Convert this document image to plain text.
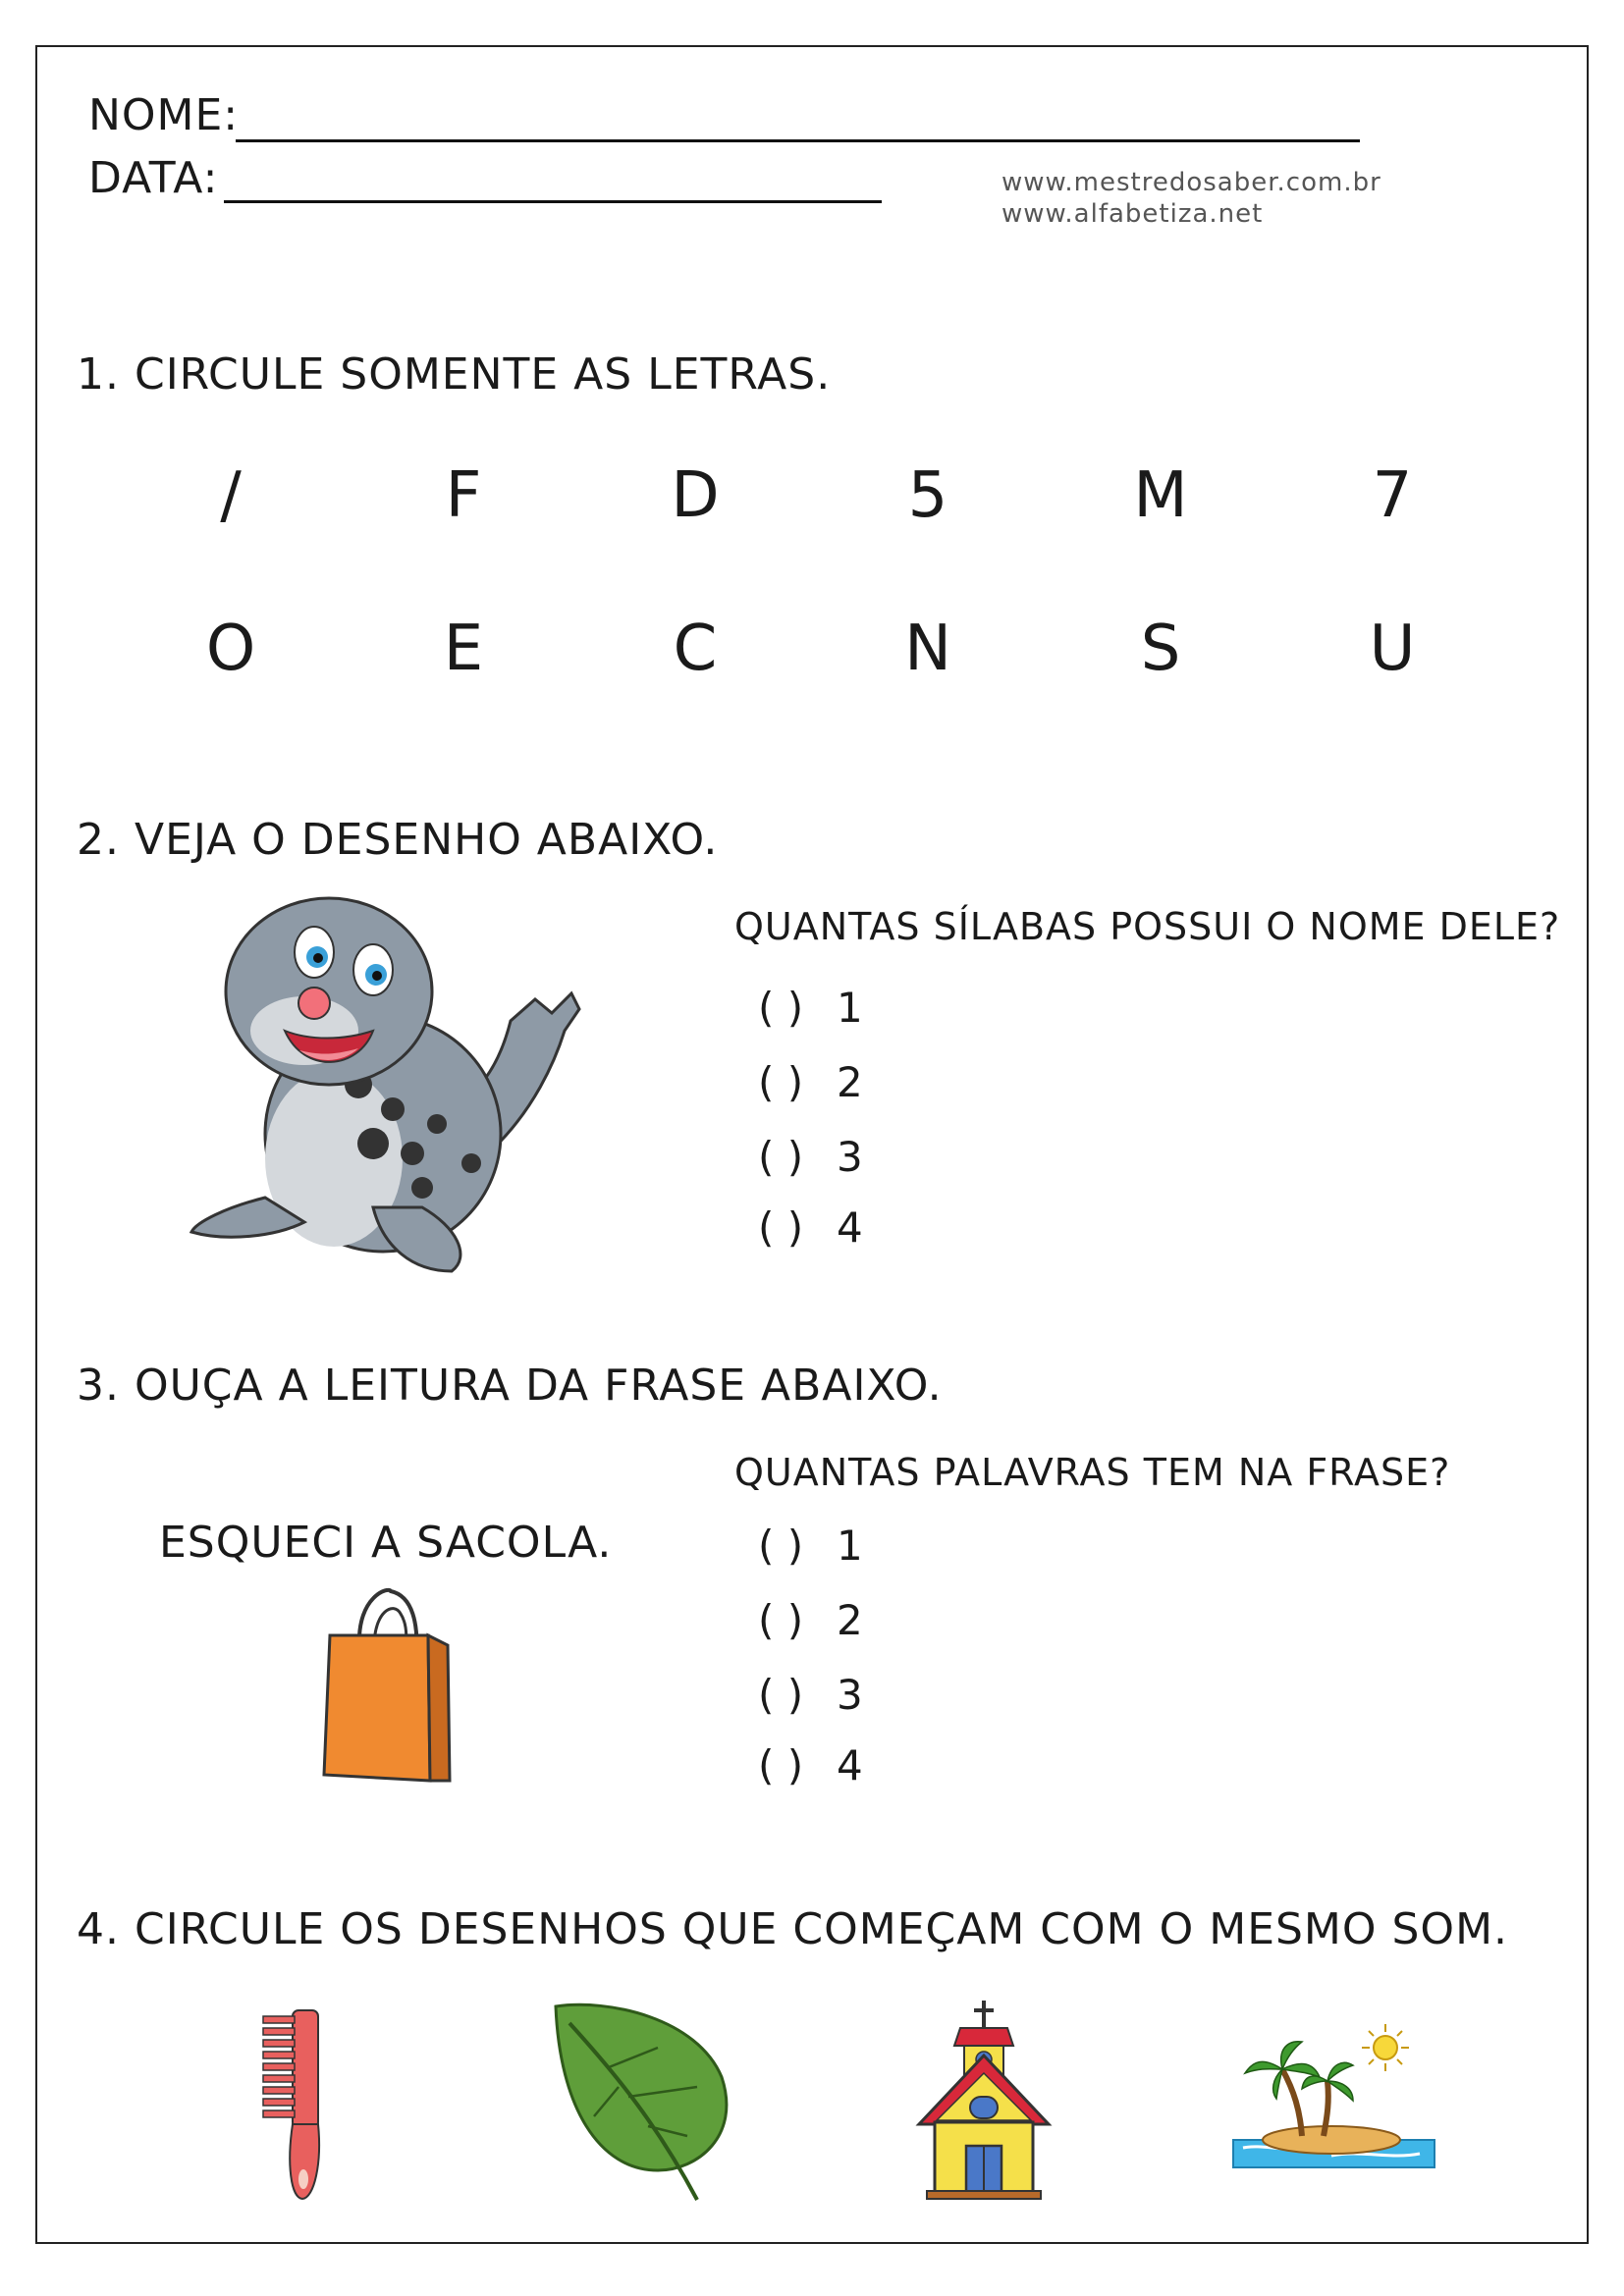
NOME:
DATA:	www.mestredosaber.com.br
www.alfabetiza.net
1. CIRCULE SOMENTE AS LETRAS.
/	F	D	5	M	7
O	E	C	N	S	U
2. VEJA O DESENHO ABAIXO.
QUANTAS SÍLABAS POSSUI O NOME DELE?
( ) 1
( ) 2
( ) 3
( ) 4
3. OUÇA A LEITURA DA FRASE ABAIXO.
QUANTAS PALAVRAS TEM NA FRASE?
ESQUECI A SACOLA.	( ) 1
( ) 2
( ) 3
( ) 4
4. CIRCULE OS DESENHOS QUE COMEÇAM COM O MESMO SOM.
